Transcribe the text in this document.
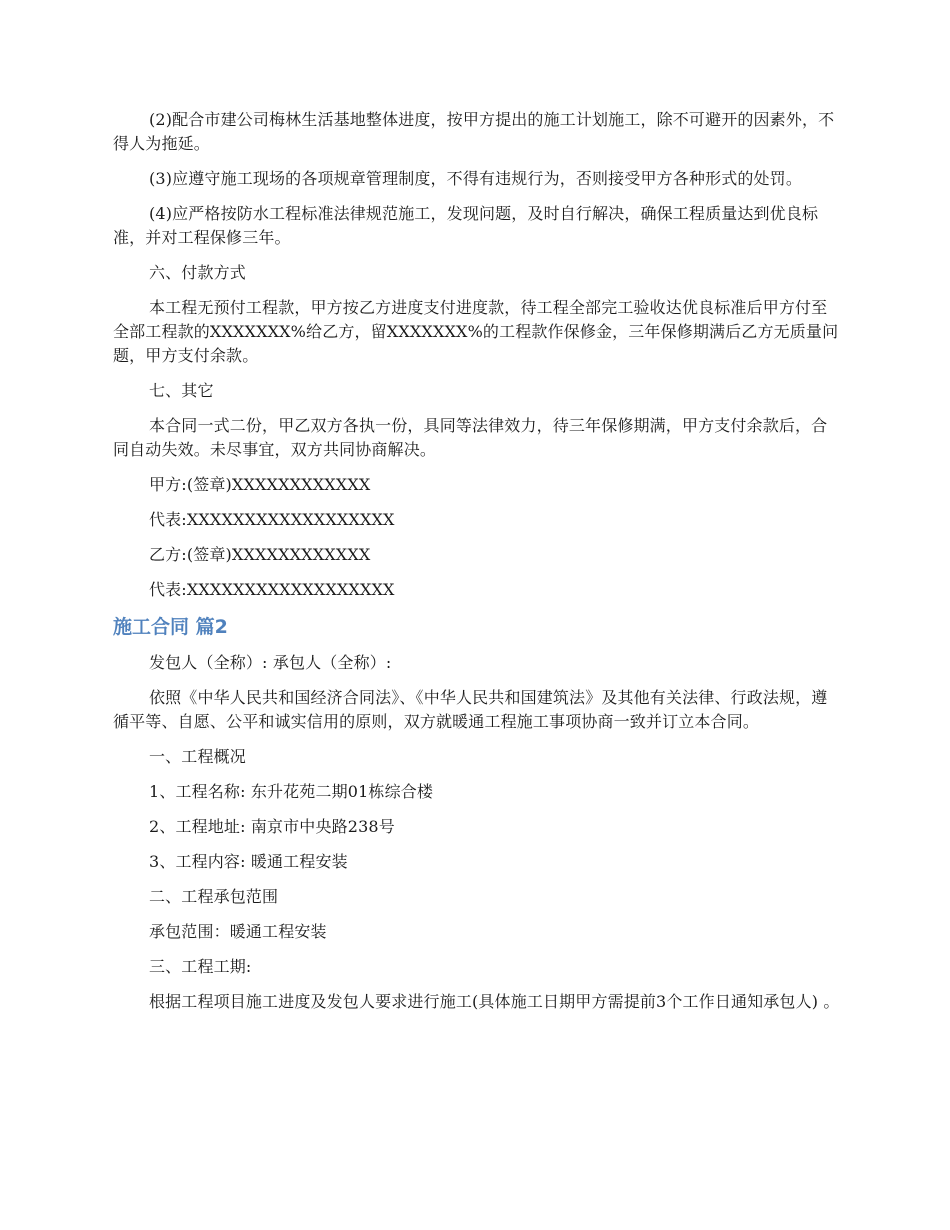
(2)配合市建公司梅林生活基地整体进度，按甲方提出的施工计划施工，除不可避开的因素外，不得人为拖延。

(3)应遵守施工现场的各项规章管理制度，不得有违规行为，否则接受甲方各种形式的处罚。

(4)应严格按防水工程标准法律规范施工，发现问题，及时自行解决，确保工程质量达到优良标准，并对工程保修三年。

六、付款方式

本工程无预付工程款，甲方按乙方进度支付进度款，待工程全部完工验收达优良标准后甲方付至全部工程款的XXXXXXX%给乙方，留XXXXXXX%的工程款作保修金，三年保修期满后乙方无质量问题，甲方支付余款。

七、其它

本合同一式二份，甲乙双方各执一份，具同等法律效力，待三年保修期满，甲方支付余款后，合同自动失效。未尽事宜，双方共同协商解决。

甲方:(签章)XXXXXXXXXXXX

代表:XXXXXXXXXXXXXXXXXX

乙方:(签章)XXXXXXXXXXXX

代表:XXXXXXXXXXXXXXXXXX

施工合同 篇2

发包人（全称）: 承包人（全称）:

依照《中华人民共和国经济合同法》、《中华人民共和国建筑法》及其他有关法律、行政法规，遵循平等、自愿、公平和诚实信用的原则，双方就暖通工程施工事项协商一致并订立本合同。

一、工程概况

1、工程名称: 东升花苑二期01栋综合楼

2、工程地址: 南京市中央路238号

3、工程内容: 暖通工程安装

二、工程承包范围

承包范围：暖通工程安装

三、工程工期:

根据工程项目施工进度及发包人要求进行施工(具体施工日期甲方需提前3个工作日通知承包人) 。
